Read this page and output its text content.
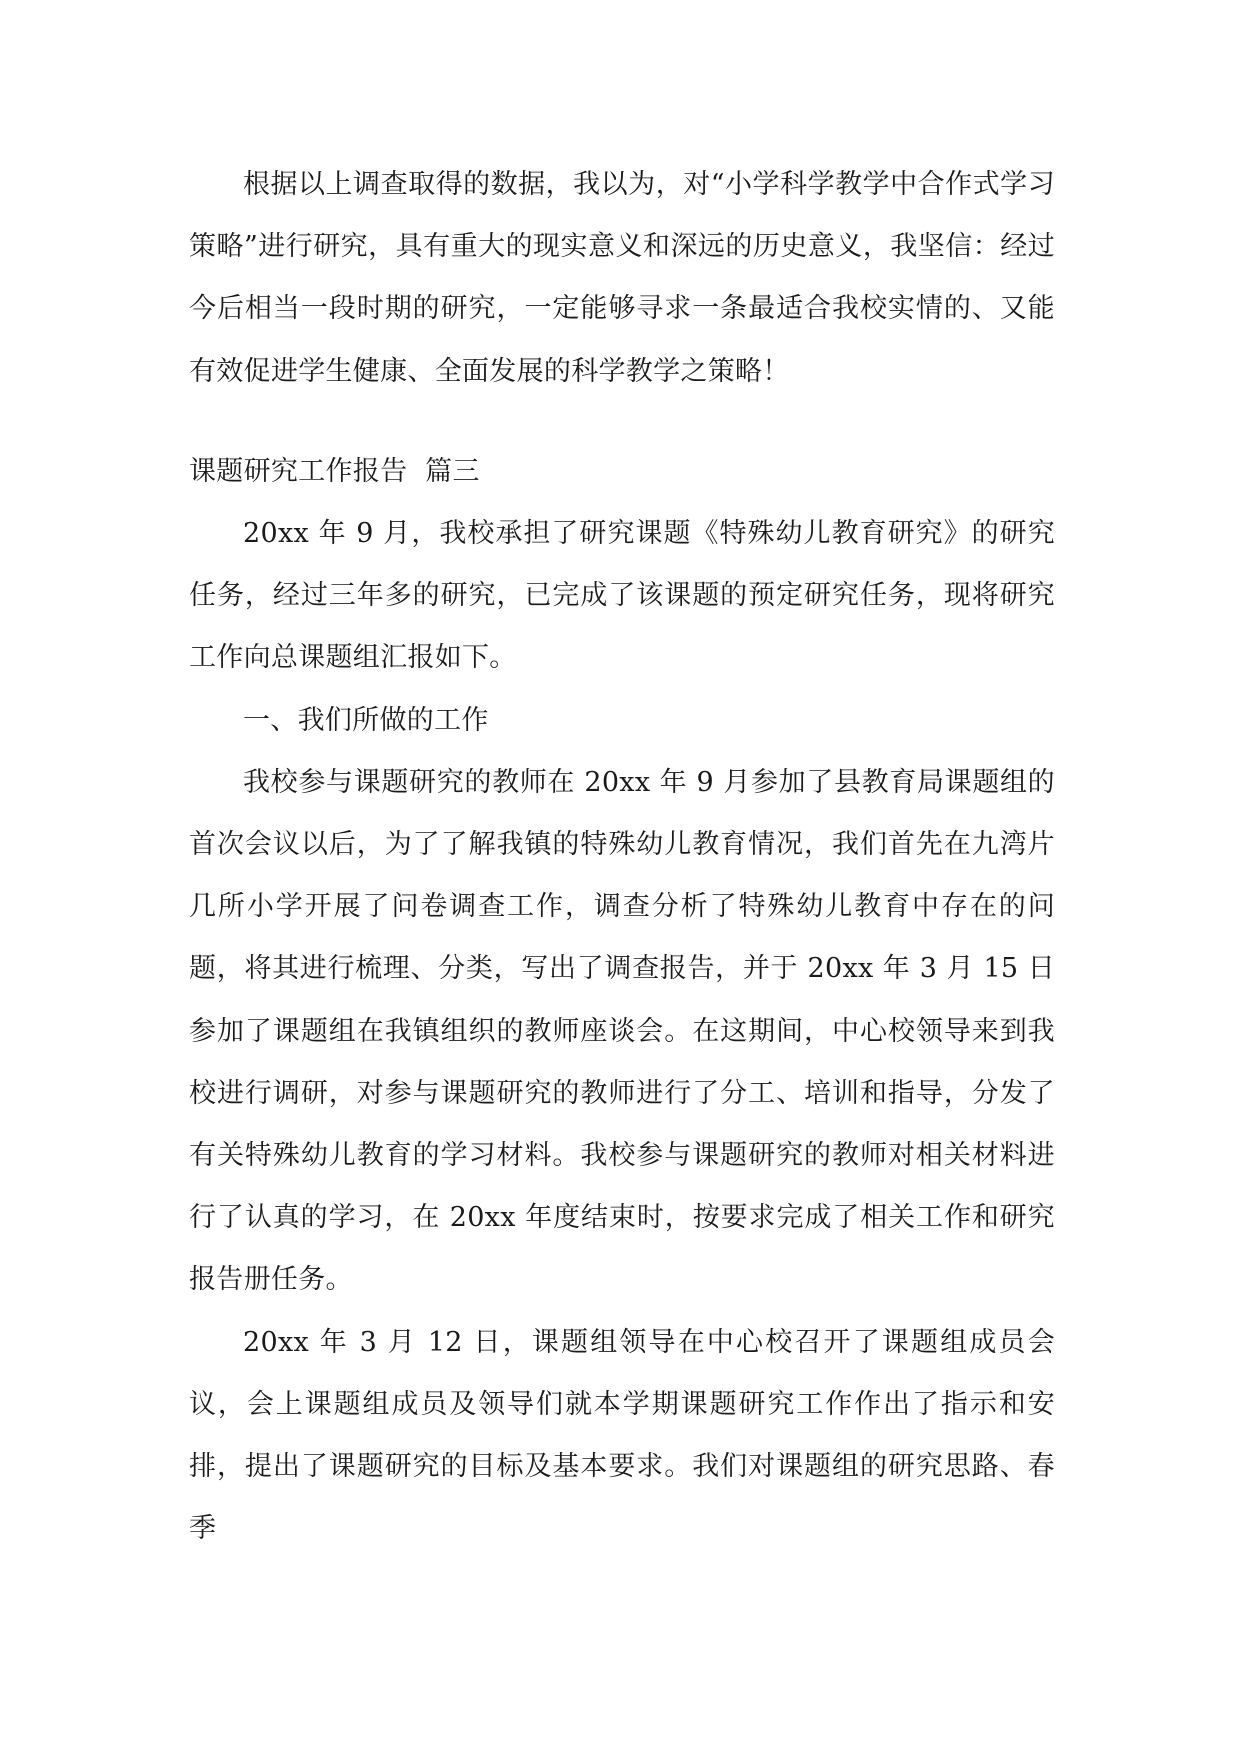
根据以上调查取得的数据，我以为，对“小学科学教学中合作式学习策略”进行研究，具有重大的现实意义和深远的历史意义，我坚信：经过今后相当一段时期的研究，一定能够寻求一条最适合我校实情的、又能有效促进学生健康、全面发展的科学教学之策略！

课题研究工作报告  篇三

20xx 年 9 月，我校承担了研究课题《特殊幼儿教育研究》的研究任务，经过三年多的研究，已完成了该课题的预定研究任务，现将研究工作向总课题组汇报如下。

一、我们所做的工作

我校参与课题研究的教师在 20xx 年 9 月参加了县教育局课题组的首次会议以后，为了了解我镇的特殊幼儿教育情况，我们首先在九湾片几所小学开展了问卷调查工作，调查分析了特殊幼儿教育中存在的问题，将其进行梳理、分类，写出了调查报告，并于 20xx 年 3 月 15 日参加了课题组在我镇组织的教师座谈会。在这期间，中心校领导来到我校进行调研，对参与课题研究的教师进行了分工、培训和指导，分发了有关特殊幼儿教育的学习材料。我校参与课题研究的教师对相关材料进行了认真的学习，在 20xx 年度结束时，按要求完成了相关工作和研究报告册任务。

20xx 年 3 月 12 日，课题组领导在中心校召开了课题组成员会议，会上课题组成员及领导们就本学期课题研究工作作出了指示和安排，提出了课题研究的目标及基本要求。我们对课题组的研究思路、春季
